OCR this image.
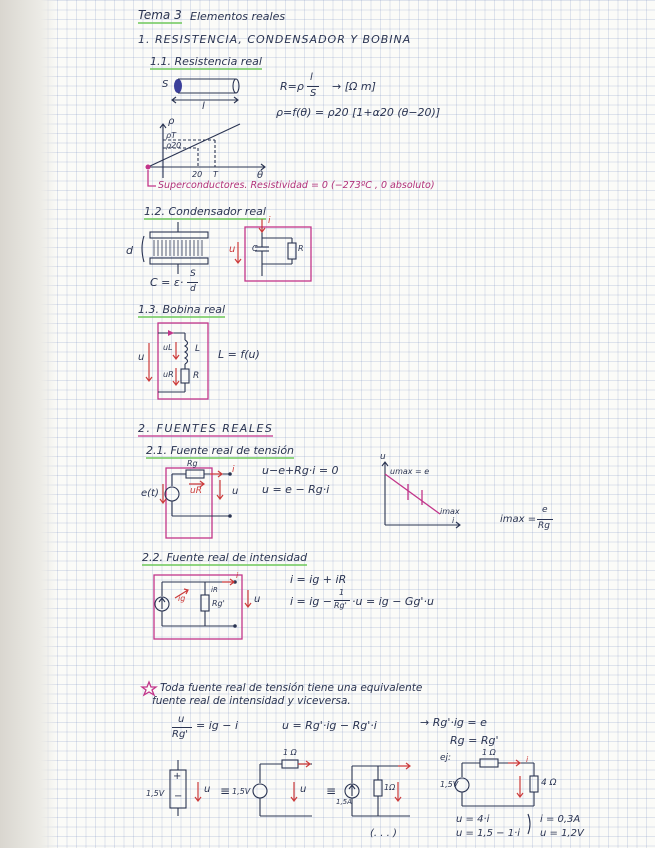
Tema 3 Elementos reales
1. RESISTENCIA, CONDENSADOR Y BOBINA
1.1. Resistencia real
S
l
R=ρ
l
S
→ [Ω m]
ρ=f(θ) = ρ20 [1+α20 (θ−20)]
ρ
θ
ρT
ρ20
20 T
Superconductores. Resistividad = 0 (−273ºC , 0 absoluto)
1.2. Condensador real
d
C = ε·
S
d
i
u C	R
1.3. Bobina real
u
uL
uR
L
R
L = f(u)
2. FUENTES REALES
2.1. Fuente real de tensión
Rg
e(t)
i
uR	u
u−e+Rg·i = 0
u = e − Rg·i
u
umax = e
i
imax
imax =
e
Rg
2.2. Fuente real de intensidad
ig
i
iR
Rg'	u
i = ig + iR
i = ig −
1
Rg' ·u = ig − Gg'·u
Toda fuente real de tensión tiene una equivalente
fuente real de intensidad y viceversa.
u
Rg'
= ig − i	u = Rg'·ig − Rg'·i	→ Rg'·ig = e
Rg = Rg'
+
−
1,5V	u ≡ 1,5V
1 Ω
u ≡
1,5A
1Ω
ej:
1,5V
1 Ω
4 Ω
i
u = 4·i
u = 1,5 − 1·i
i = 0,3A
u = 1,2V
(. . . )
